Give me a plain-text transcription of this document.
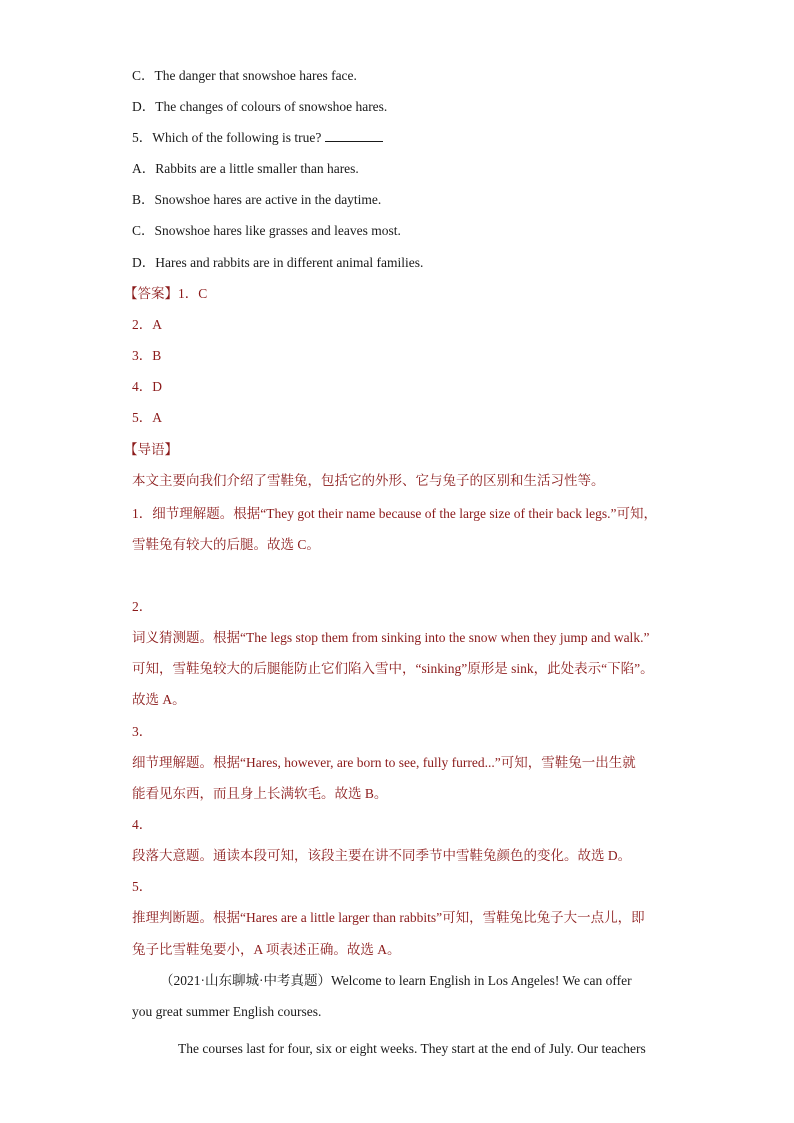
C．The danger that snowshoe hares face.
D．The changes of colours of snowshoe hares.
5．Which of the following is true?
A．Rabbits are a little smaller than hares.
B．Snowshoe hares are active in the daytime.
C．Snowshoe hares like grasses and leaves most.
D．Hares and rabbits are in different animal families.
【答案】1．C
2．A
3．B
4．D
5．A
【导语】
本文主要向我们介绍了雪鞋兔，包括它的外形、它与兔子的区别和生活习性等。
1．细节理解题。根据“They got their name because of the large size of their back legs.”可知，
雪鞋兔有较大的后腿。故选 C。
2．
词义猜测题。根据“The legs stop them from sinking into the snow when they jump and walk.”
可知，雪鞋兔较大的后腿能防止它们陷入雪中，“sinking”原形是 sink，此处表示“下陷”。
故选 A。
3．
细节理解题。根据“Hares, however, are born to see, fully furred...”可知，雪鞋兔一出生就
能看见东西，而且身上长满软毛。故选 B。
4．
段落大意题。通读本段可知，该段主要在讲不同季节中雪鞋兔颜色的变化。故选 D。
5．
推理判断题。根据“Hares are a little larger than rabbits”可知，雪鞋兔比兔子大一点儿，即
兔子比雪鞋兔要小，A 项表述正确。故选 A。
（2021·山东聊城·中考真题）Welcome to learn English in Los Angeles! We can offer
you great summer English courses.
The courses last for four, six or eight weeks. They start at the end of July. Our teachers
